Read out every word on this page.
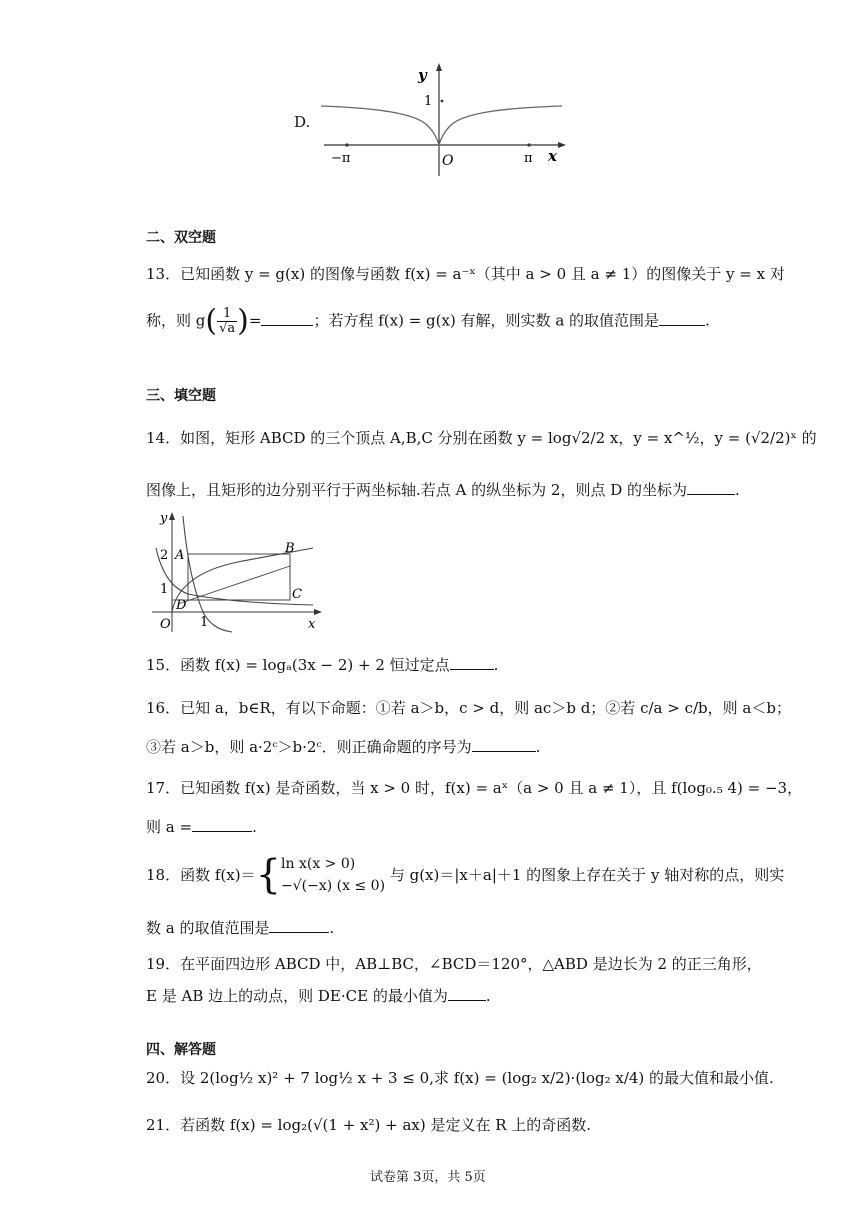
D.
y
x
1
O
−π	π
二、双空题
13．已知函数 y = g(x) 的图像与函数 f(x) = a⁻ˣ（其中 a > 0 且 a ≠ 1）的图像关于 y = x 对
称，则 $g( \frac{1}{√a}$ )=	；若方程 f(x) = g(x) 有解，则实数 a 的取值范围是	.
三、填空题
14．如图，矩形 ABCD 的三个顶点 A,B,C 分别在函数 y = log√2/2 x，y = x^½，y = (√2/2)ˣ 的
图像上，且矩形的边分别平行于两坐标轴.若点 A 的纵坐标为 2，则点 D 的坐标为	.
y
x
2
1
1
O
A	B
C
D
15．函数 f(x) = logₐ(3x − 2) + 2 恒过定点	.
16．已知 a，b∈R，有以下命题：①若 a＞b，c > d，则 ac＞b d；②若 c/a > c/b，则 a＜b；
③若 a＞b，则 a·2ᶜ＞b·2ᶜ．则正确命题的序号为	.
17．已知函数 f(x) 是奇函数，当 x > 0 时，f(x) = aˣ（a > 0 且 a ≠ 1），且 f(log₀.₅ 4) = −3，
则 a =	.
18．函数 f(x)＝{ ln x(x > 0)
−√(−x) (x ≤ 0)
与 g(x)＝|x＋a|＋1 的图象上存在关于 y 轴对称的点，则实
数 a 的取值范围是	.
19．在平面四边形 ABCD 中，AB⊥BC，∠BCD＝120°，△ABD 是边长为 2 的正三角形，
E 是 AB 边上的动点，则 DE·CE 的最小值为	.
四、解答题
20．设 2(log½ x)² + 7 log½ x + 3 ≤ 0,求 f(x) = (log₂ x/2)·(log₂ x/4) 的最大值和最小值.
21．若函数 f(x) = log₂(√(1 + x²) + ax) 是定义在 R 上的奇函数.
试卷第 3页，共 5页
